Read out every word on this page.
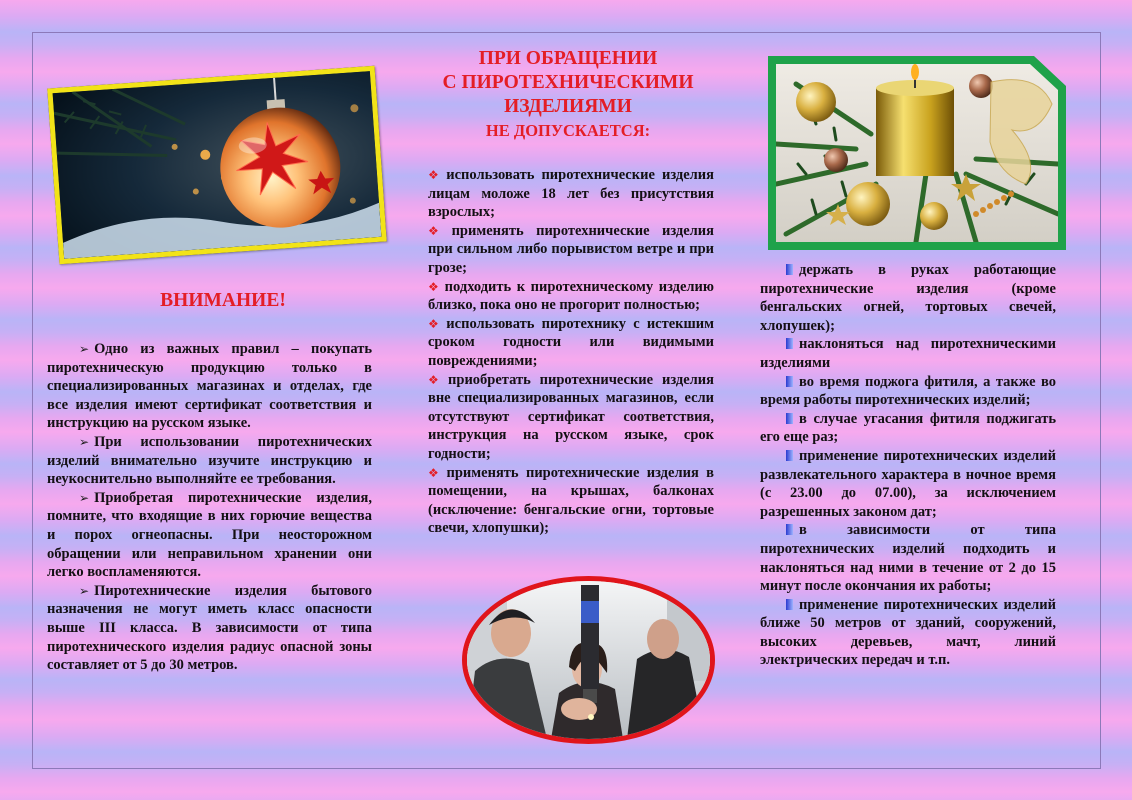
ВНИМАНИЕ!

➢ Одно из важных правил – покупать пиротехническую продукцию только в специализированных магазинах и отделах, где все изделия имеют сертификат соответствия и инструкцию на русском языке.

➢ При использовании пиротехнических изделий внимательно изучите инструкцию и неукоснительно выполняйте ее требования.

➢ Приобретая пиротехнические изделия, помните, что входящие в них горючие вещества и порох огнеопасны. При неосторожном обращении или неправильном хранении они легко воспламеняются.

➢ Пиротехнические изделия бытового назначения не могут иметь класс опасности выше III класса. В зависимости от типа пиротехнического изделия радиус опасной зоны составляет от 5 до 30 метров.

ПРИ ОБРАЩЕНИИ
С ПИРОТЕХНИЧЕСКИМИ
ИЗДЕЛИЯМИ
НЕ ДОПУСКАЕТСЯ:

❖ использовать пиротехнические изделия лицам моложе 18 лет без присутствия взрослых;

❖ применять пиротехнические изделия при сильном либо порывистом ветре и при грозе;

❖ подходить к пиротехническому изделию близко, пока оно не прогорит полностью;

❖ использовать пиротехнику с истекшим сроком годности или видимыми повреждениями;

❖ приобретать пиротехнические изделия вне специализированных магазинов, если отсутствуют сертификат соответствия, инструкция на русском языке, срок годности;

❖ применять пиротехнические изделия в помещении, на крышах, балконах (исключение: бенгальские огни, тортовые свечи, хлопушки);

держать в руках работающие пиротехнические изделия (кроме бенгальских огней, тортовых свечей, хлопушек);

наклоняться над пиротехническими изделиями

во время поджога фитиля, а также во время работы пиротехнических изделий;

в случае угасания фитиля поджигать его еще раз;

применение пиротехнических изделий развлекательного характера в ночное время (с 23.00 до 07.00), за исключением разрешенных законом дат;

в зависимости от типа пиротехнических изделий подходить и наклоняться над ними в течение от 2 до 15 минут после окончания их работы;

применение пиротехнических изделий ближе 50 метров от зданий, сооружений, высоких деревьев, мачт, линий электрических передач и т.п.
